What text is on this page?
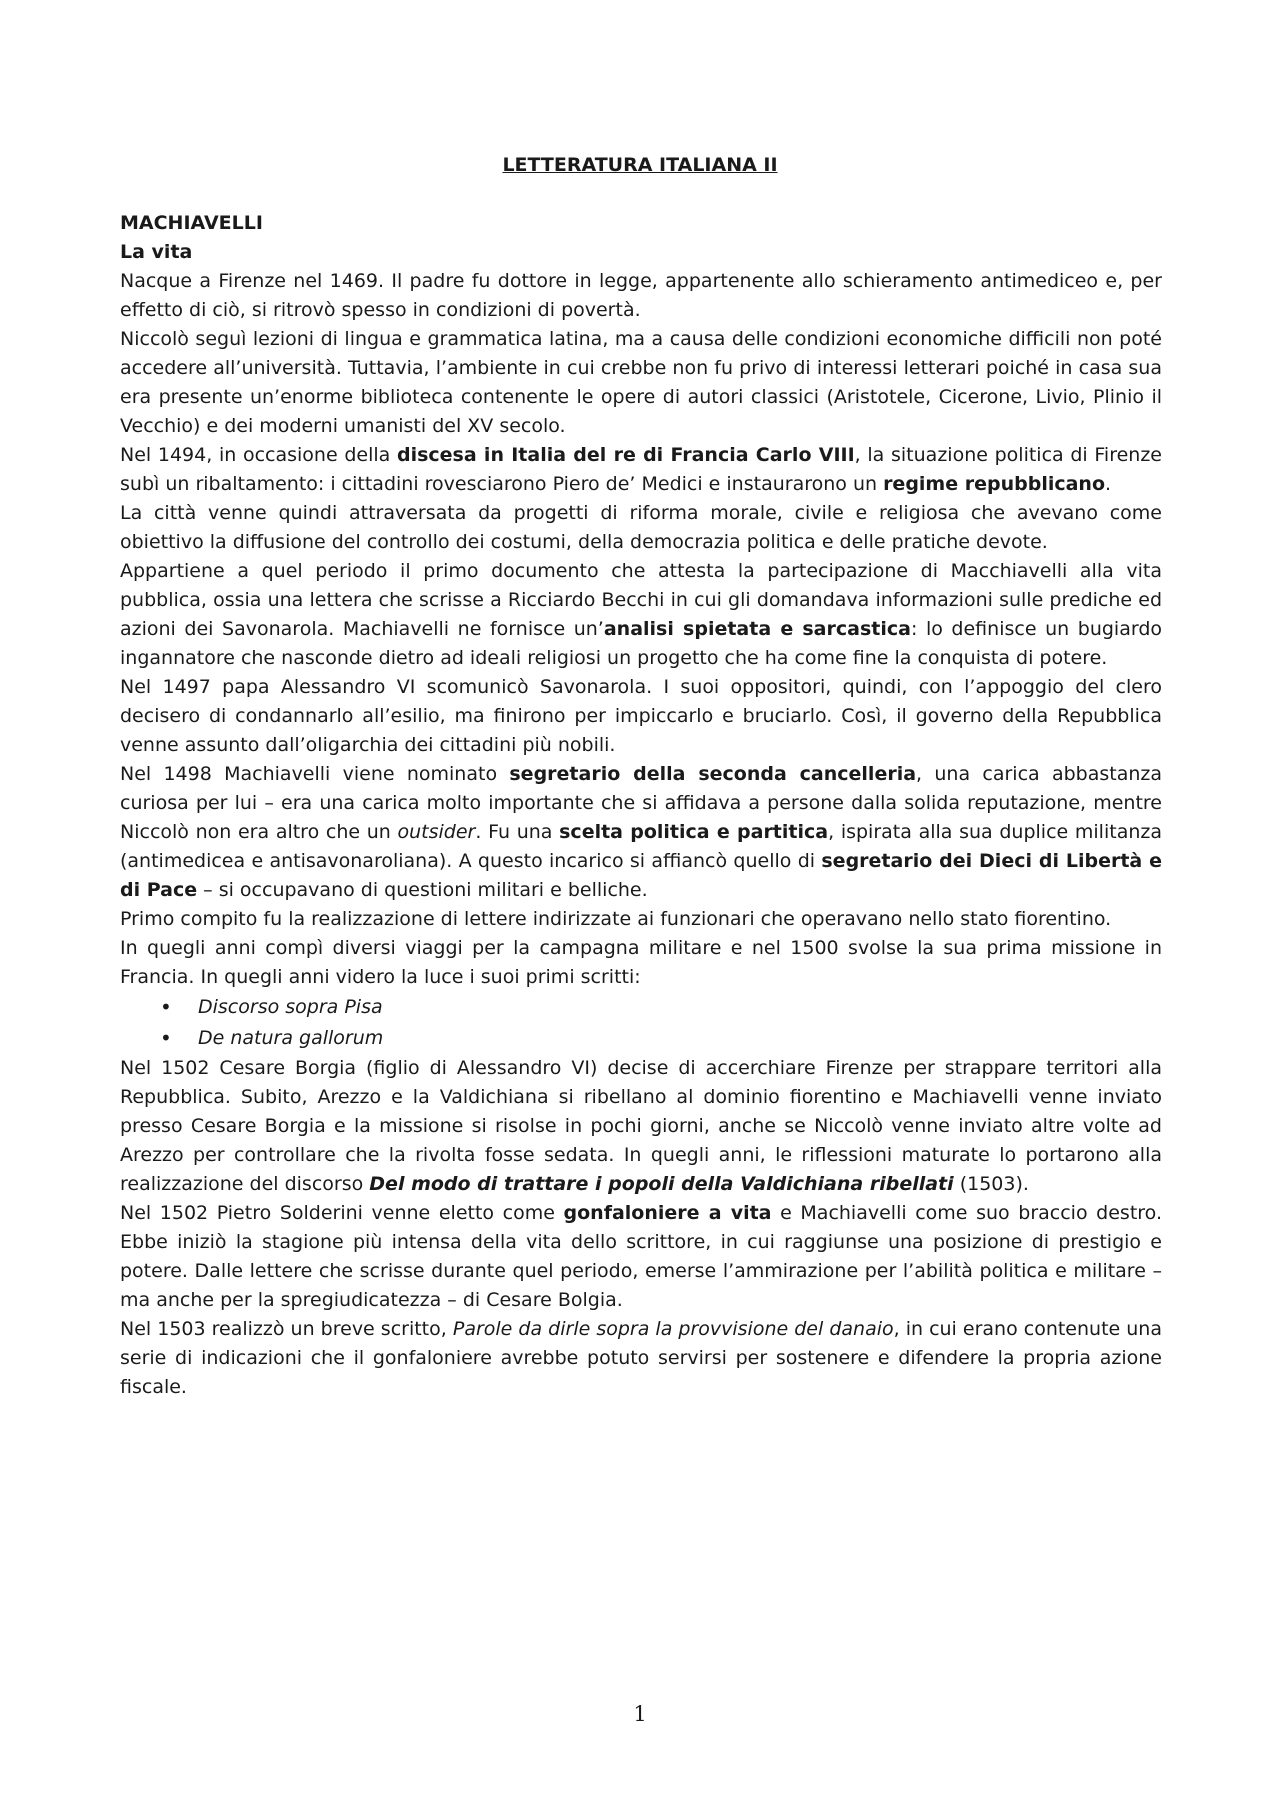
LETTERATURA ITALIANA II
MACHIAVELLI
La vita

Nacque a Firenze nel 1469. Il padre fu dottore in legge, appartenente allo schieramento antimediceo e, per effetto di ciò, si ritrovò spesso in condizioni di povertà.

Niccolò seguì lezioni di lingua e grammatica latina, ma a causa delle condizioni economiche difficili non poté accedere all’università. Tuttavia, l’ambiente in cui crebbe non fu privo di interessi letterari poiché in casa sua era presente un’enorme biblioteca contenente le opere di autori classici (Aristotele, Cicerone, Livio, Plinio il Vecchio) e dei moderni umanisti del XV secolo.

Nel 1494, in occasione della discesa in Italia del re di Francia Carlo VIII, la situazione politica di Firenze subì un ribaltamento: i cittadini rovesciarono Piero de’ Medici e instaurarono un regime repubblicano.

La città venne quindi attraversata da progetti di riforma morale, civile e religiosa che avevano come obiettivo la diffusione del controllo dei costumi, della democrazia politica e delle pratiche devote.

Appartiene a quel periodo il primo documento che attesta la partecipazione di Macchiavelli alla vita pubblica, ossia una lettera che scrisse a Ricciardo Becchi in cui gli domandava informazioni sulle prediche ed azioni dei Savonarola. Machiavelli ne fornisce un’analisi spietata e sarcastica: lo definisce un bugiardo ingannatore che nasconde dietro ad ideali religiosi un progetto che ha come fine la conquista di potere.

Nel 1497 papa Alessandro VI scomunicò Savonarola. I suoi oppositori, quindi, con l’appoggio del clero decisero di condannarlo all’esilio, ma finirono per impiccarlo e bruciarlo. Così, il governo della Repubblica venne assunto dall’oligarchia dei cittadini più nobili.

Nel 1498 Machiavelli viene nominato segretario della seconda cancelleria, una carica abbastanza curiosa per lui – era una carica molto importante che si affidava a persone dalla solida reputazione, mentre Niccolò non era altro che un outsider. Fu una scelta politica e partitica, ispirata alla sua duplice militanza (antimedicea e antisavonaroliana). A questo incarico si affiancò quello di segretario dei Dieci di Libertà e di Pace – si occupavano di questioni militari e belliche.

Primo compito fu la realizzazione di lettere indirizzate ai funzionari che operavano nello stato fiorentino.

In quegli anni compì diversi viaggi per la campagna militare e nel 1500 svolse la sua prima missione in Francia. In quegli anni videro la luce i suoi primi scritti:

• Discorso sopra Pisa
• De natura gallorum

Nel 1502 Cesare Borgia (figlio di Alessandro VI) decise di accerchiare Firenze per strappare territori alla Repubblica. Subito, Arezzo e la Valdichiana si ribellano al dominio fiorentino e Machiavelli venne inviato presso Cesare Borgia e la missione si risolse in pochi giorni, anche se Niccolò venne inviato altre volte ad Arezzo per controllare che la rivolta fosse sedata. In quegli anni, le riflessioni maturate lo portarono alla realizzazione del discorso Del modo di trattare i popoli della Valdichiana ribellati (1503).

Nel 1502 Pietro Solderini venne eletto come gonfaloniere a vita e Machiavelli come suo braccio destro. Ebbe iniziò la stagione più intensa della vita dello scrittore, in cui raggiunse una posizione di prestigio e potere. Dalle lettere che scrisse durante quel periodo, emerse l’ammirazione per l’abilità politica e militare – ma anche per la spregiudicatezza – di Cesare Bolgia.

Nel 1503 realizzò un breve scritto, Parole da dirle sopra la provvisione del danaio, in cui erano contenute una serie di indicazioni che il gonfaloniere avrebbe potuto servirsi per sostenere e difendere la propria azione fiscale.

1
